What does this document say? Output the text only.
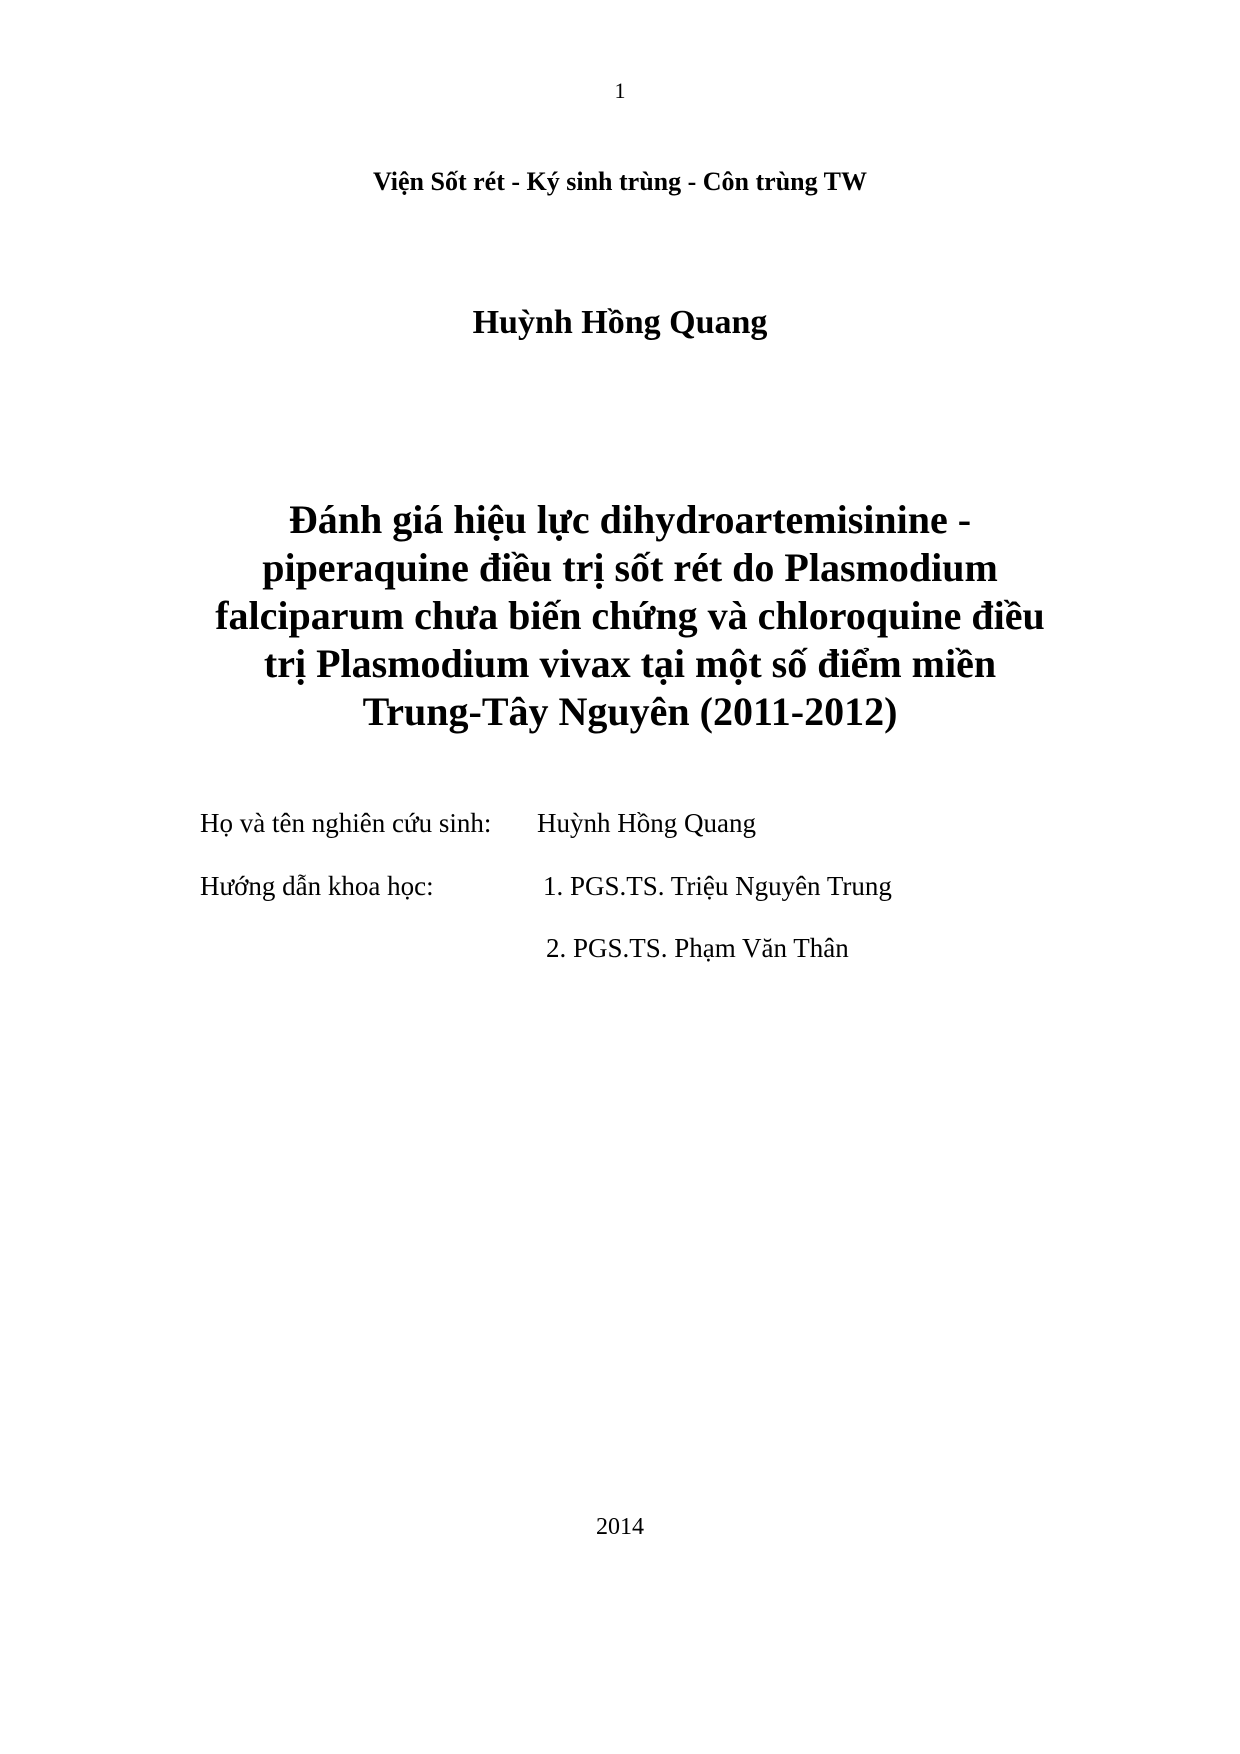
1
Viện Sốt rét - Ký sinh trùng - Côn trùng TW
Huỳnh Hồng Quang
Đánh giá hiệu lực dihydroartemisinine -
piperaquine điều trị sốt rét do Plasmodium
falciparum chưa biến chứng và chloroquine điều
trị Plasmodium vivax tại một số điểm miền
Trung-Tây Nguyên (2011-2012)
Họ và tên nghiên cứu sinh: Huỳnh Hồng Quang
Hướng dẫn khoa học:	1. PGS.TS. Triệu Nguyên Trung
2. PGS.TS. Phạm Văn Thân
2014
